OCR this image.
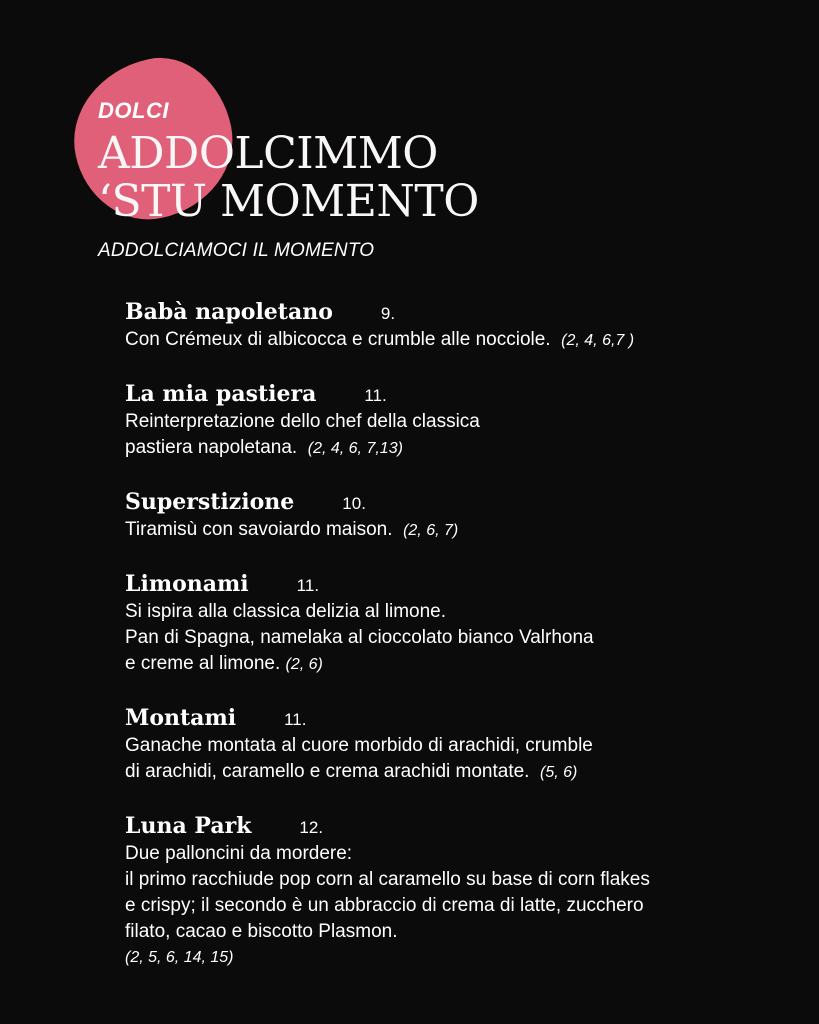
DOLCI
ADDOLCIMMO
‘STU MOMENTO
ADDOLCIAMOCI IL MOMENTO
Babà napoletano	9.
Con Crémeux di albicocca e crumble alle nocciole. (2, 4, 6,7 )
La mia pastiera	11.
Reinterpretazione dello chef della classica
pastiera napoletana. (2, 4, 6, 7,13)
Superstizione	10.
Tiramisù con savoiardo maison. (2, 6, 7)
Limonami	11.
Si ispira alla classica delizia al limone.
Pan di Spagna, namelaka al cioccolato bianco Valrhona
e creme al limone. (2, 6)
Montami	11.
Ganache montata al cuore morbido di arachidi, crumble
di arachidi, caramello e crema arachidi montate. (5, 6)
Luna Park	12.
Due palloncini da mordere:
il primo racchiude pop corn al caramello su base di corn flakes
e crispy; il secondo è un abbraccio di crema di latte, zucchero
filato, cacao e biscotto Plasmon.
(2, 5, 6, 14, 15)
